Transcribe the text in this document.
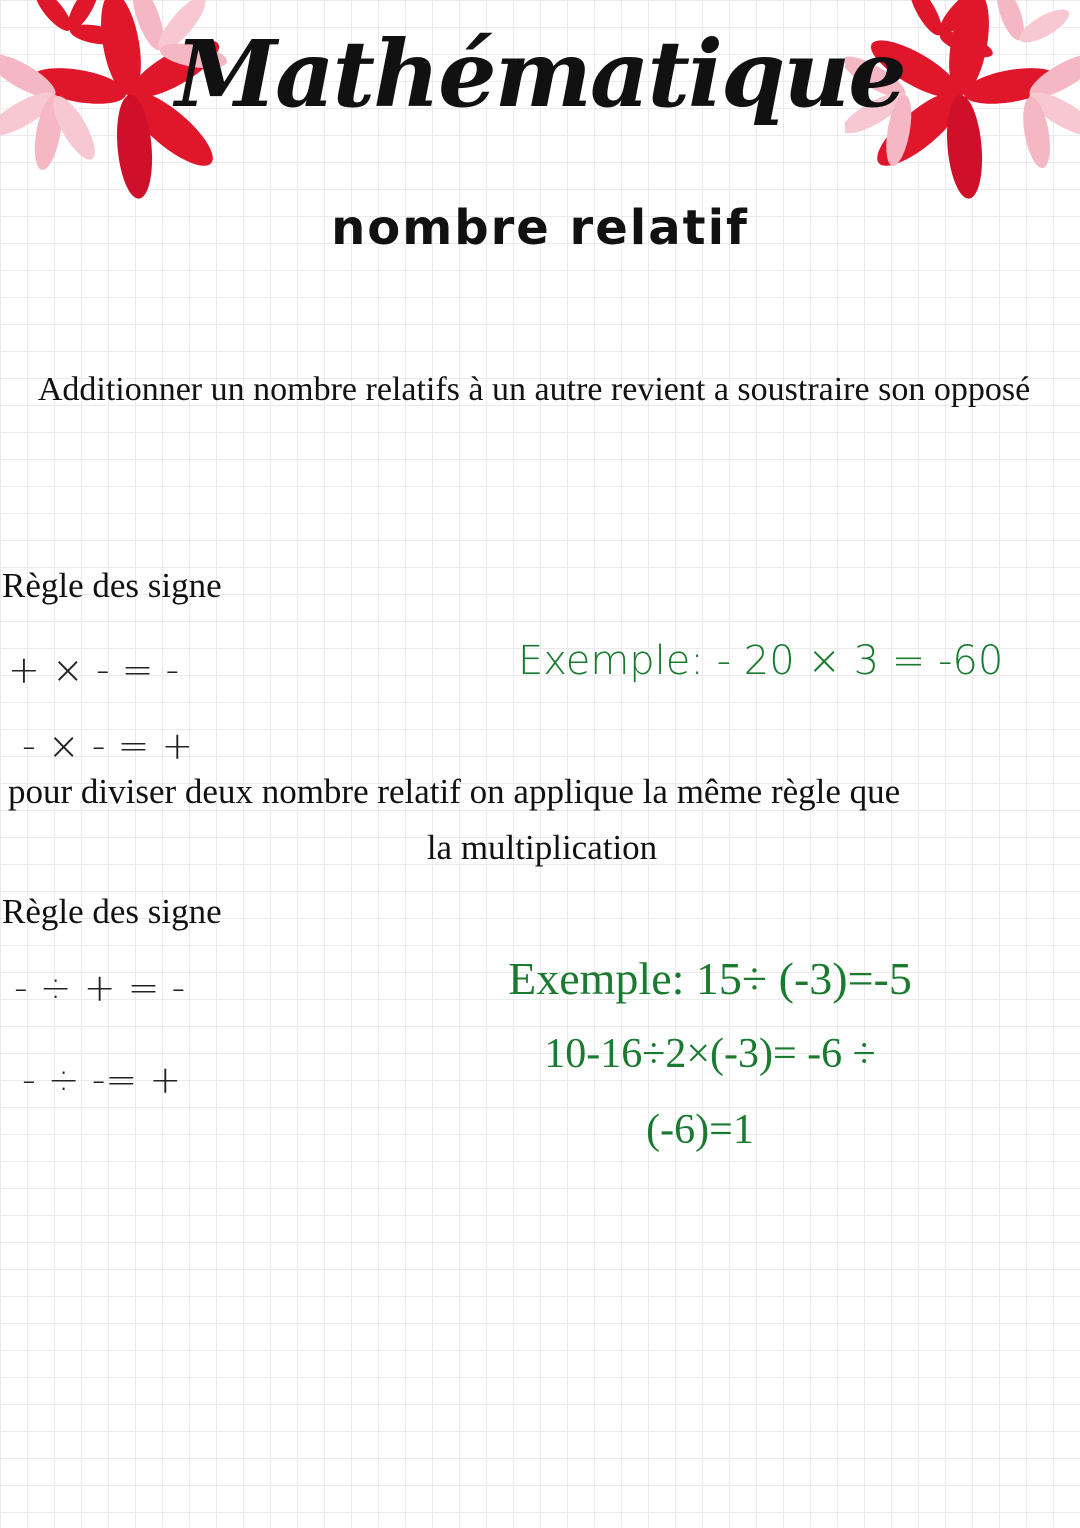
Mathématique
nombre relatif

Additionner un nombre relatifs à un autre revient a soustraire son opposé

Règle des signe
+ × - = -
- × - = +
Exemple: - 20 × 3 = -60
pour diviser deux nombre relatif on applique la même règle que
la multiplication
Règle des signe
- ÷ + = -
- ÷ -= +
Exemple: 15÷ (-3)=-5
10-16÷2×(-3)= -6 ÷
(-6)=1
